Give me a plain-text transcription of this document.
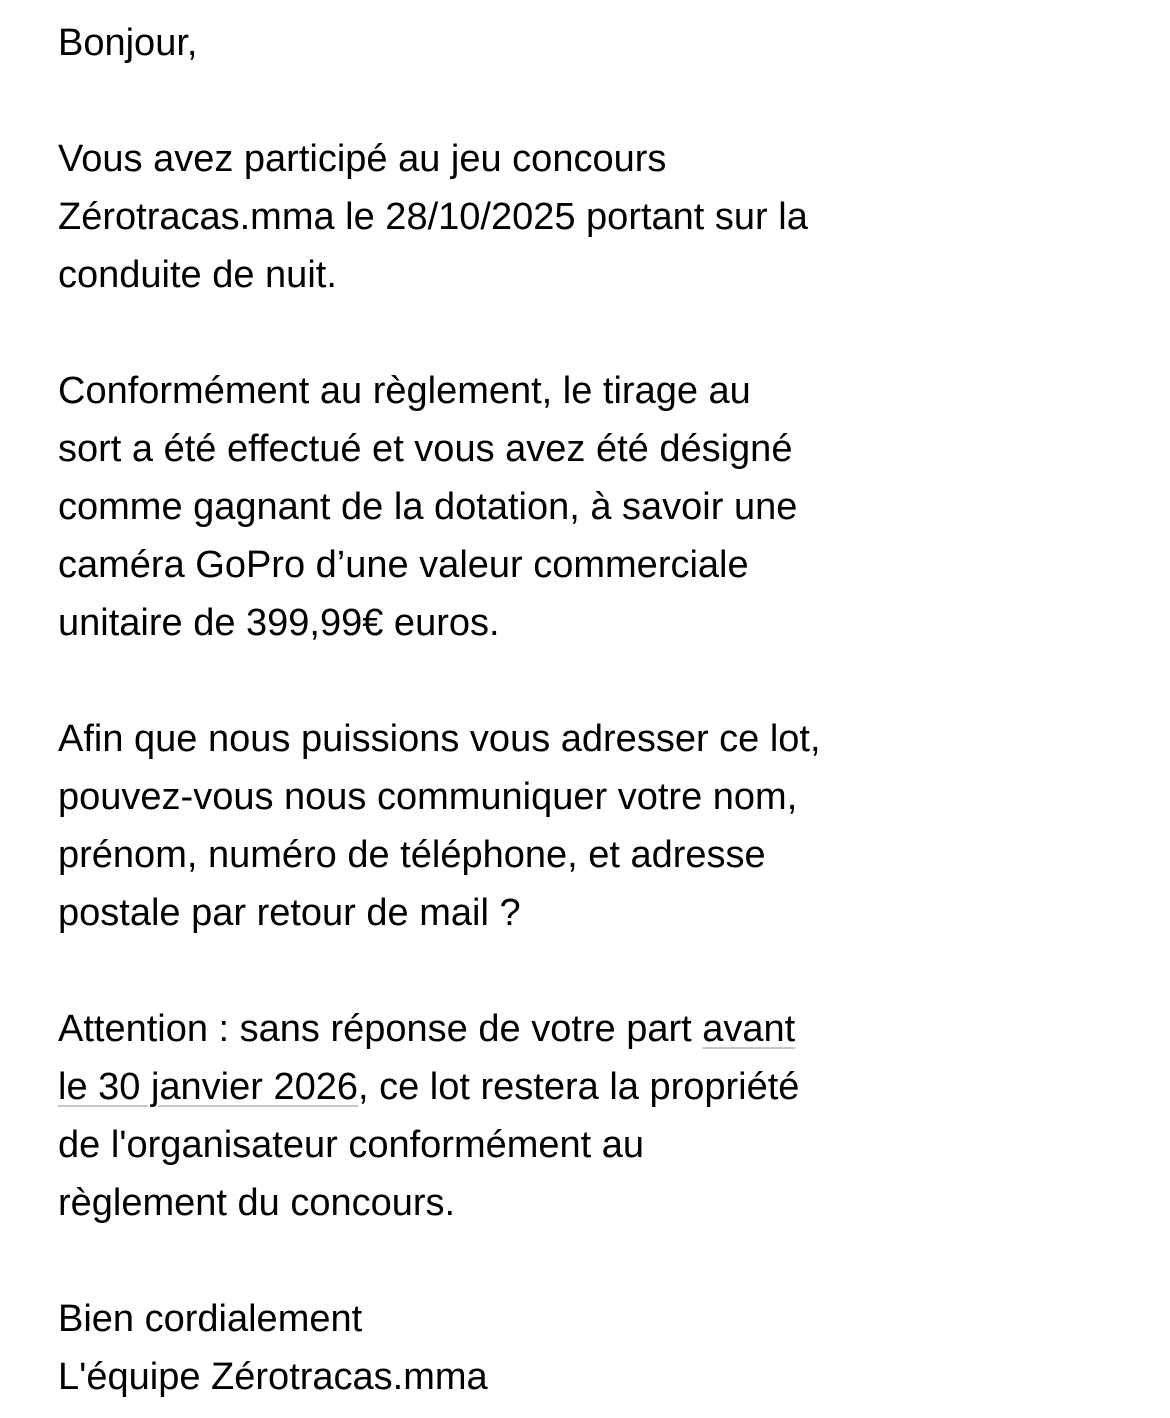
Bonjour,
Vous avez participé au jeu concours
Zérotracas.mma le 28/10/2025 portant sur la
conduite de nuit.
Conformément au règlement, le tirage au
sort a été effectué et vous avez été désigné
comme gagnant de la dotation, à savoir une
caméra GoPro d’une valeur commerciale
unitaire de 399,99€ euros.
Afin que nous puissions vous adresser ce lot,
pouvez-vous nous communiquer votre nom,
prénom, numéro de téléphone, et adresse
postale par retour de mail ?
Attention : sans réponse de votre part avant
le 30 janvier 2026, ce lot restera la propriété
de l'organisateur conformément au
règlement du concours.
Bien cordialement
L'équipe Zérotracas.mma
